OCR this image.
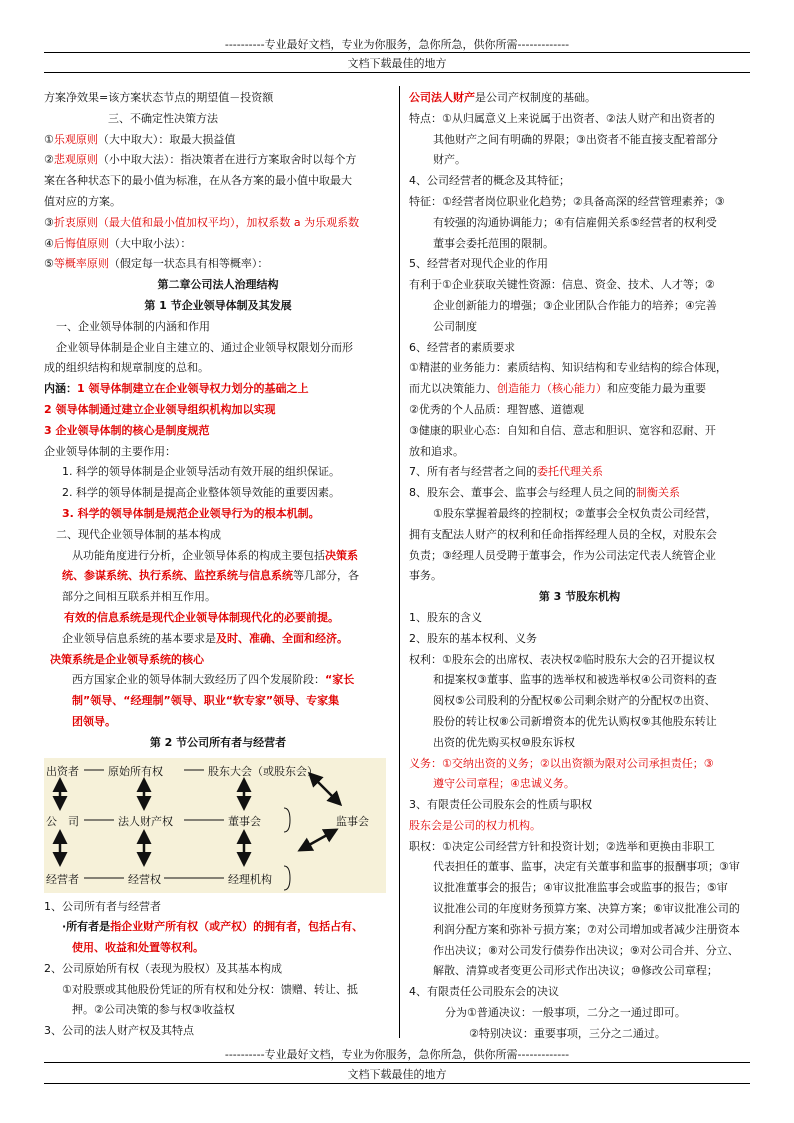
----------专业最好文档，专业为你服务，急你所急，供你所需-------------
文档下载最佳的地方
方案净效果=该方案状态节点的期望值－投资额
三、不确定性决策方法
①乐观原则（大中取大）：取最大损益值
②悲观原则（小中取大法）：指决策者在进行方案取舍时以每个方
案在各种状态下的最小值为标准，在从各方案的最小值中取最大
值对应的方案。
③折衷原则（最大值和最小值加权平均），加权系数 a 为乐观系数
④后悔值原则（大中取小法）：
⑤等概率原则（假定每一状态具有相等概率）：
第二章公司法人治理结构
第 1 节企业领导体制及其发展
一、企业领导体制的内涵和作用
企业领导体制是企业自主建立的、通过企业领导权限划分而形
成的组织结构和规章制度的总和。
内涵：1 领导体制建立在企业领导权力划分的基础之上
2 领导体制通过建立企业领导组织机构加以实现
3 企业领导体制的核心是制度规范
企业领导体制的主要作用：
1. 科学的领导体制是企业领导活动有效开展的组织保证。
2. 科学的领导体制是提高企业整体领导效能的重要因素。
3. 科学的领导体制是规范企业领导行为的根本机制。
二、现代企业领导体制的基本构成
从功能角度进行分析，企业领导体系的构成主要包括决策系
统、参谋系统、执行系统、监控系统与信息系统等几部分，各
部分之间相互联系并相互作用。
有效的信息系统是现代企业领导体制现代化的必要前提。
企业领导信息系统的基本要求是及时、准确、全面和经济。
决策系统是企业领导系统的核心
西方国家企业的领导体制大致经历了四个发展阶段：“家长
制”领导、“经理制”领导、职业“软专家”领导、专家集
团领导。
第 2 节公司所有者与经营者
出资者	原始所有权	股东大会（或股东会）
公　司	法人财产权	董事会	监事会
经营者	经营权	经理机构
1、公司所有者与经营者
·所有者是指企业财产所有权（或产权）的拥有者，包括占有、
使用、收益和处置等权利。
2、公司原始所有权（表现为股权）及其基本构成
①对股票或其他股份凭证的所有权和处分权：馈赠、转让、抵
押。②公司决策的参与权③收益权
3、公司的法人财产权及其特点
公司法人财产是公司产权制度的基础。
特点：①从归属意义上来说属于出资者、②法人财产和出资者的
其他财产之间有明确的界限；③出资者不能直接支配着部分
财产。
4、公司经营者的概念及其特征；
特征：①经营者岗位职业化趋势；②具备高深的经营管理素养；③
有较强的沟通协调能力；④有信雇佣关系⑤经营者的权利受
董事会委托范围的限制。
5、经营者对现代企业的作用
有利于①企业获取关键性资源：信息、资金、技术、人才等；②
企业创新能力的增强；③企业团队合作能力的培养；④完善
公司制度
6、经营者的素质要求
①精湛的业务能力：素质结构、知识结构和专业结构的综合体现，
而尤以决策能力、创造能力（核心能力）和应变能力最为重要
②优秀的个人品质：理智感、道德观
③健康的职业心态：自知和自信、意志和胆识、宽容和忍耐、开
放和追求。
7、所有者与经营者之间的委托代理关系
8、股东会、董事会、监事会与经理人员之间的制衡关系
①股东掌握着最终的控制权；②董事会全权负责公司经营，
拥有支配法人财产的权利和任命指挥经理人员的全权，对股东会
负责；③经理人员受聘于董事会，作为公司法定代表人统管企业
事务。
第 3 节股东机构
1、股东的含义
2、股东的基本权利、义务
权利：①股东会的出席权、表决权②临时股东大会的召开提议权
和提案权③董事、监事的选举权和被选举权④公司资料的查
阅权⑤公司股利的分配权⑥公司剩余财产的分配权⑦出资、
股份的转让权⑧公司新增资本的优先认购权⑨其他股东转让
出资的优先购买权⑩股东诉权
义务：①交纳出资的义务；②以出资额为限对公司承担责任；③
遵守公司章程；④忠诚义务。
3、有限责任公司股东会的性质与职权
股东会是公司的权力机构。
职权：①决定公司经营方针和投资计划；②选举和更换由非职工
代表担任的董事、监事，决定有关董事和监事的报酬事项；③审
议批准董事会的报告；④审议批准监事会或监事的报告；⑤审
议批准公司的年度财务预算方案、决算方案；⑥审议批准公司的
利润分配方案和弥补亏损方案；⑦对公司增加或者减少注册资本
作出决议；⑧对公司发行债券作出决议；⑨对公司合并、分立、
解散、清算或者变更公司形式作出决议；⑩修改公司章程；
4、有限责任公司股东会的决议
分为①普通决议：一般事项，二分之一通过即可。
②特别决议：重要事项，三分之二通过。
----------专业最好文档，专业为你服务，急你所急，供你所需-------------
文档下载最佳的地方
